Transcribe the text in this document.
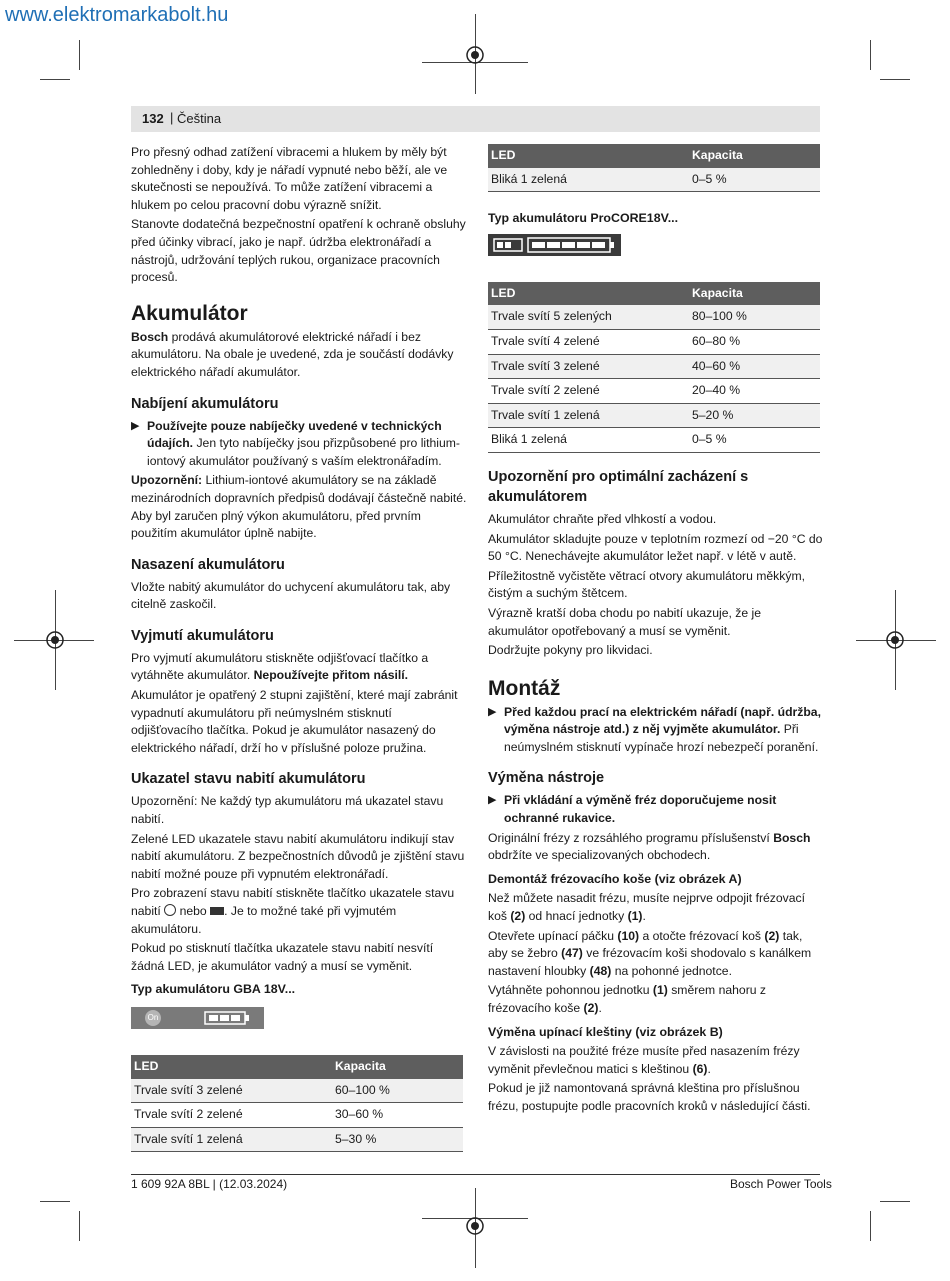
www.elektromarkabolt.hu
132 | Čeština

Pro přesný odhad zatížení vibracemi a hlukem by měly být zohledněny i doby, kdy je nářadí vypnuté nebo běží, ale ve skutečnosti se nepoužívá. To může zatížení vibracemi a hlukem po celou pracovní dobu výrazně snížit.

Stanovte dodatečná bezpečnostní opatření k ochraně obsluhy před účinky vibrací, jako je např. údržba elektronářadí a nástrojů, udržování teplých rukou, organizace pracovních procesů.

Akumulátor

Bosch prodává akumulátorové elektrické nářadí i bez akumulátoru. Na obale je uvedené, zda je součástí dodávky elektrického nářadí akumulátor.

Nabíjení akumulátoru

▶ Používejte pouze nabíječky uvedené v technických údajích. Jen tyto nabíječky jsou přizpůsobené pro lithium-iontový akumulátor používaný s vaším elektronářadím.

Upozornění: Lithium-iontové akumulátory se na základě mezinárodních dopravních předpisů dodávají částečně nabité. Aby byl zaručen plný výkon akumulátoru, před prvním použitím akumulátor úplně nabijte.

Nasazení akumulátoru

Vložte nabitý akumulátor do uchycení akumulátoru tak, aby citelně zaskočil.

Vyjmutí akumulátoru

Pro vyjmutí akumulátoru stiskněte odjišťovací tlačítko a vytáhněte akumulátor. Nepoužívejte přitom násilí.

Akumulátor je opatřený 2 stupni zajištění, které mají zabránit vypadnutí akumulátoru při neúmyslném stisknutí odjišťovacího tlačítka. Pokud je akumulátor nasazený do elektrického nářadí, drží ho v příslušné poloze pružina.

Ukazatel stavu nabití akumulátoru

Upozornění: Ne každý typ akumulátoru má ukazatel stavu nabití.

Zelené LED ukazatele stavu nabití akumulátoru indikují stav nabití akumulátoru. Z bezpečnostních důvodů je zjištění stavu nabití možné pouze při vypnutém elektronářadí.

Pro zobrazení stavu nabití stiskněte tlačítko ukazatele stavu nabití  nebo . Je to možné také při vyjmutém akumulátoru.

Pokud po stisknutí tlačítka ukazatele stavu nabití nesvítí žádná LED, je akumulátor vadný a musí se vyměnit.

Typ akumulátoru GBA 18V...
On
LED	Kapacita
Trvale svítí 3 zelené	60–100 %
Trvale svítí 2 zelené	30–60 %
Trvale svítí 1 zelená	5–30 %
LED	Kapacita
Bliká 1 zelená	0–5 %
Typ akumulátoru ProCORE18V...
LED	Kapacita
Trvale svítí 5 zelených	80–100 %
Trvale svítí 4 zelené	60–80 %
Trvale svítí 3 zelené	40–60 %
Trvale svítí 2 zelené	20–40 %
Trvale svítí 1 zelená	5–20 %
Bliká 1 zelená	0–5 %
Upozornění pro optimální zacházení s akumulátorem

Akumulátor chraňte před vlhkostí a vodou.

Akumulátor skladujte pouze v teplotním rozmezí od −20 °C do 50 °C. Nenechávejte akumulátor ležet např. v létě v autě.

Příležitostně vyčistěte větrací otvory akumulátoru měkkým, čistým a suchým štětcem.

Výrazně kratší doba chodu po nabití ukazuje, že je akumulátor opotřebovaný a musí se vyměnit.

Dodržujte pokyny pro likvidaci.

Montáž

▶ Před každou prací na elektrickém nářadí (např. údržba, výměna nástroje atd.) z něj vyjměte akumulátor. Při neúmyslném stisknutí vypínače hrozí nebezpečí poranění.

Výměna nástroje

▶ Při vkládání a výměně fréz doporučujeme nosit ochranné rukavice.

Originální frézy z rozsáhlého programu příslušenství Bosch obdržíte ve specializovaných obchodech.

Demontáž frézovacího koše (viz obrázek A)

Než můžete nasadit frézu, musíte nejprve odpojit frézovací koš (2) od hnací jednotky (1).

Otevřete upínací páčku (10) a otočte frézovací koš (2) tak, aby se žebro (47) ve frézovacím koši shodovalo s kanálkem nastavení hloubky (48) na pohonné jednotce.

Vytáhněte pohonnou jednotku (1) směrem nahoru z frézovacího koše (2).

Výměna upínací kleštiny (viz obrázek B)

V závislosti na použité fréze musíte před nasazením frézy vyměnit převlečnou matici s kleštinou (6).

Pokud je již namontovaná správná kleština pro příslušnou frézu, postupujte podle pracovních kroků v následující části.

1 609 92A 8BL | (12.03.2024)	Bosch Power Tools
